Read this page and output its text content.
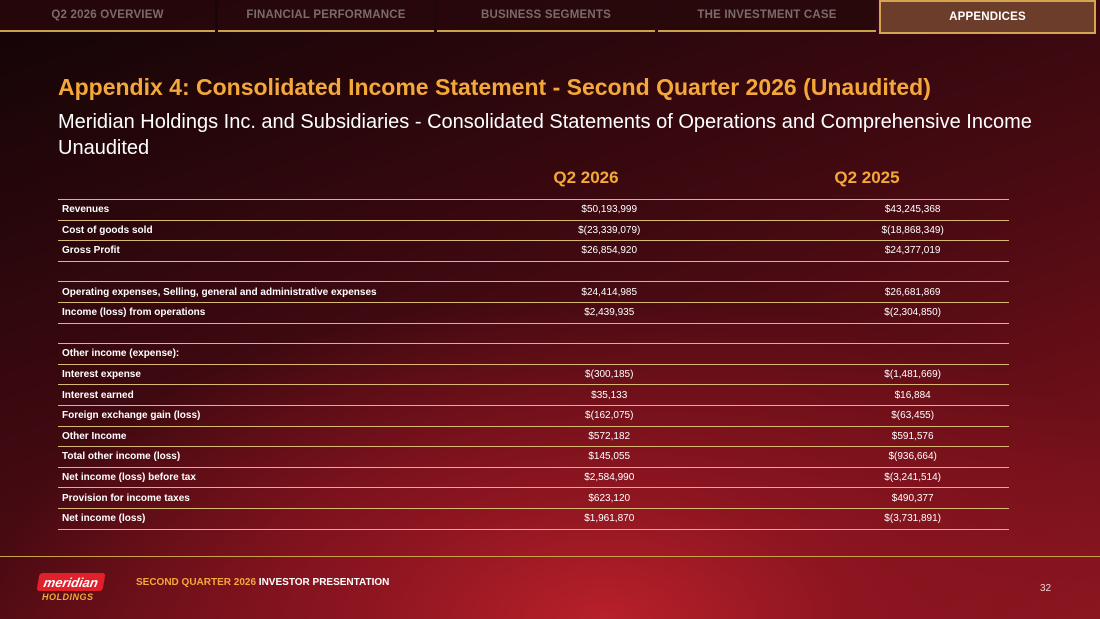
Q2 2026 OVERVIEW	FINANCIAL PERFORMANCE	BUSINESS SEGMENTS	THE INVESTMENT CASE	APPENDICES
Appendix 4: Consolidated Income Statement - Second Quarter 2026 (Unaudited)
Meridian Holdings Inc. and Subsidiaries - Consolidated Statements of Operations and Comprehensive Income Unaudited
Q2 2026	Q2 2025
Revenues	$50,193,999		$43,245,368
Cost of goods sold	$(23,339,079)		$(18,868,349)
Gross Profit	$26,854,920		$24,377,019

Operating expenses, Selling, general and administrative expenses	$24,414,985		$26,681,869
Income (loss) from operations	$2,439,935		$(2,304,850)

Other income (expense):			
Interest expense	$(300,185)		$(1,481,669)
Interest earned	$35,133		$16,884
Foreign exchange gain (loss)	$(162,075)		$(63,455)
Other Income	$572,182		$591,576
Total other income (loss)	$145,055		$(936,664)
Net income (loss) before tax	$2,584,990		$(3,241,514)
Provision for income taxes	$623,120		$490,377
Net income (loss)	$1,961,870		$(3,731,891)
meridian
HOLDINGS
SECOND QUARTER 2026 INVESTOR PRESENTATION
32
